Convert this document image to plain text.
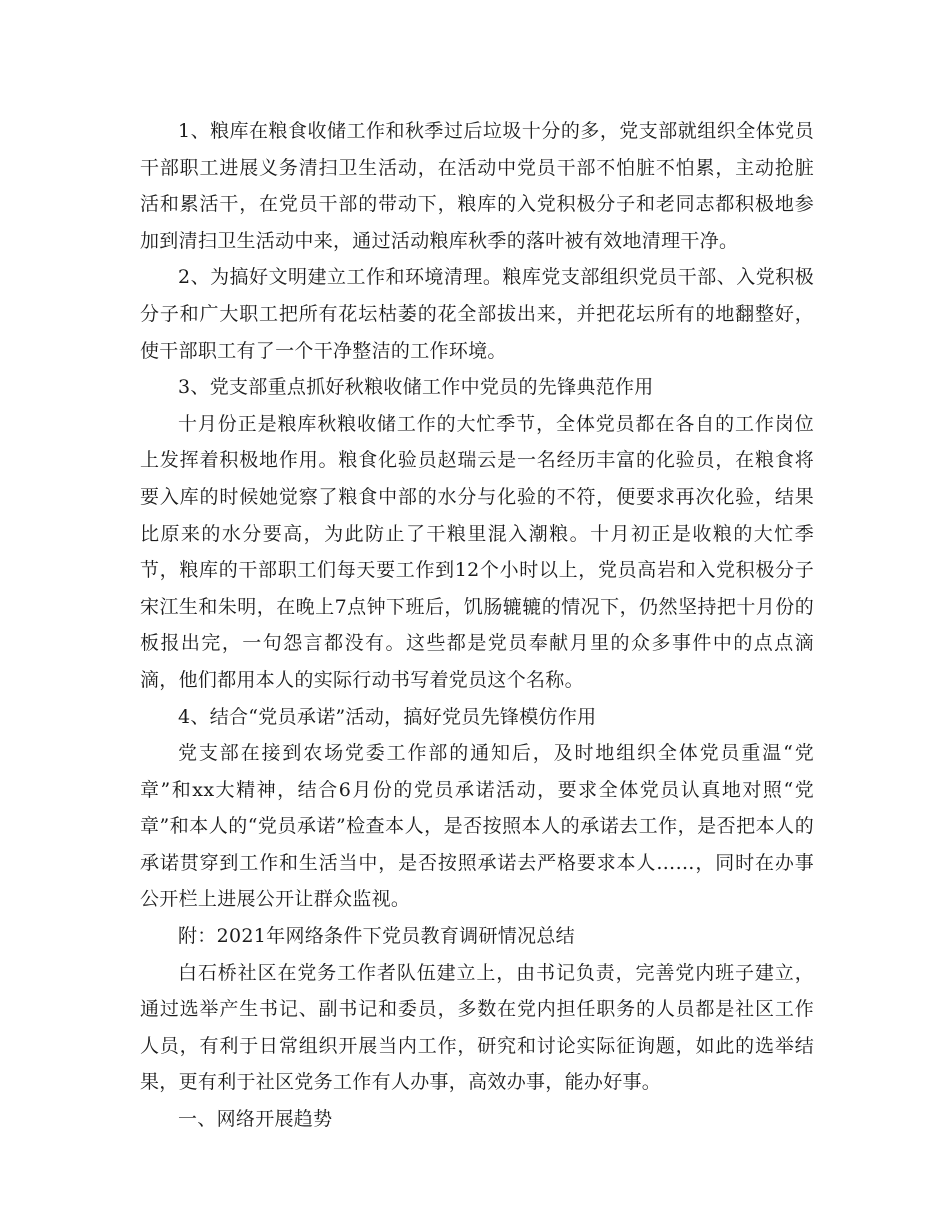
1、粮库在粮食收储工作和秋季过后垃圾十分的多，党支部就组织全体党员干部职工进展义务清扫卫生活动，在活动中党员干部不怕脏不怕累，主动抢脏活和累活干，在党员干部的带动下，粮库的入党积极分子和老同志都积极地参加到清扫卫生活动中来，通过活动粮库秋季的落叶被有效地清理干净。

2、为搞好文明建立工作和环境清理。粮库党支部组织党员干部、入党积极分子和广大职工把所有花坛枯萎的花全部拔出来，并把花坛所有的地翻整好，使干部职工有了一个干净整洁的工作环境。

3、党支部重点抓好秋粮收储工作中党员的先锋典范作用

十月份正是粮库秋粮收储工作的大忙季节，全体党员都在各自的工作岗位上发挥着积极地作用。粮食化验员赵瑞云是一名经历丰富的化验员，在粮食将要入库的时候她觉察了粮食中部的水分与化验的不符，便要求再次化验，结果比原来的水分要高，为此防止了干粮里混入潮粮。十月初正是收粮的大忙季节，粮库的干部职工们每天要工作到12个小时以上，党员高岩和入党积极分子宋江生和朱明，在晚上7点钟下班后，饥肠辘辘的情况下，仍然坚持把十月份的板报出完，一句怨言都没有。这些都是党员奉献月里的众多事件中的点点滴滴，他们都用本人的实际行动书写着党员这个名称。

4、结合“党员承诺”活动，搞好党员先锋模仿作用

党支部在接到农场党委工作部的通知后，及时地组织全体党员重温“党章”和xx大精神，结合6月份的党员承诺活动，要求全体党员认真地对照“党章”和本人的“党员承诺”检查本人，是否按照本人的承诺去工作，是否把本人的承诺贯穿到工作和生活当中，是否按照承诺去严格要求本人……，同时在办事公开栏上进展公开让群众监视。

附：2021年网络条件下党员教育调研情况总结

白石桥社区在党务工作者队伍建立上，由书记负责，完善党内班子建立，通过选举产生书记、副书记和委员，多数在党内担任职务的人员都是社区工作人员，有利于日常组织开展当内工作，研究和讨论实际征询题，如此的选举结果，更有利于社区党务工作有人办事，高效办事，能办好事。

一、网络开展趋势
